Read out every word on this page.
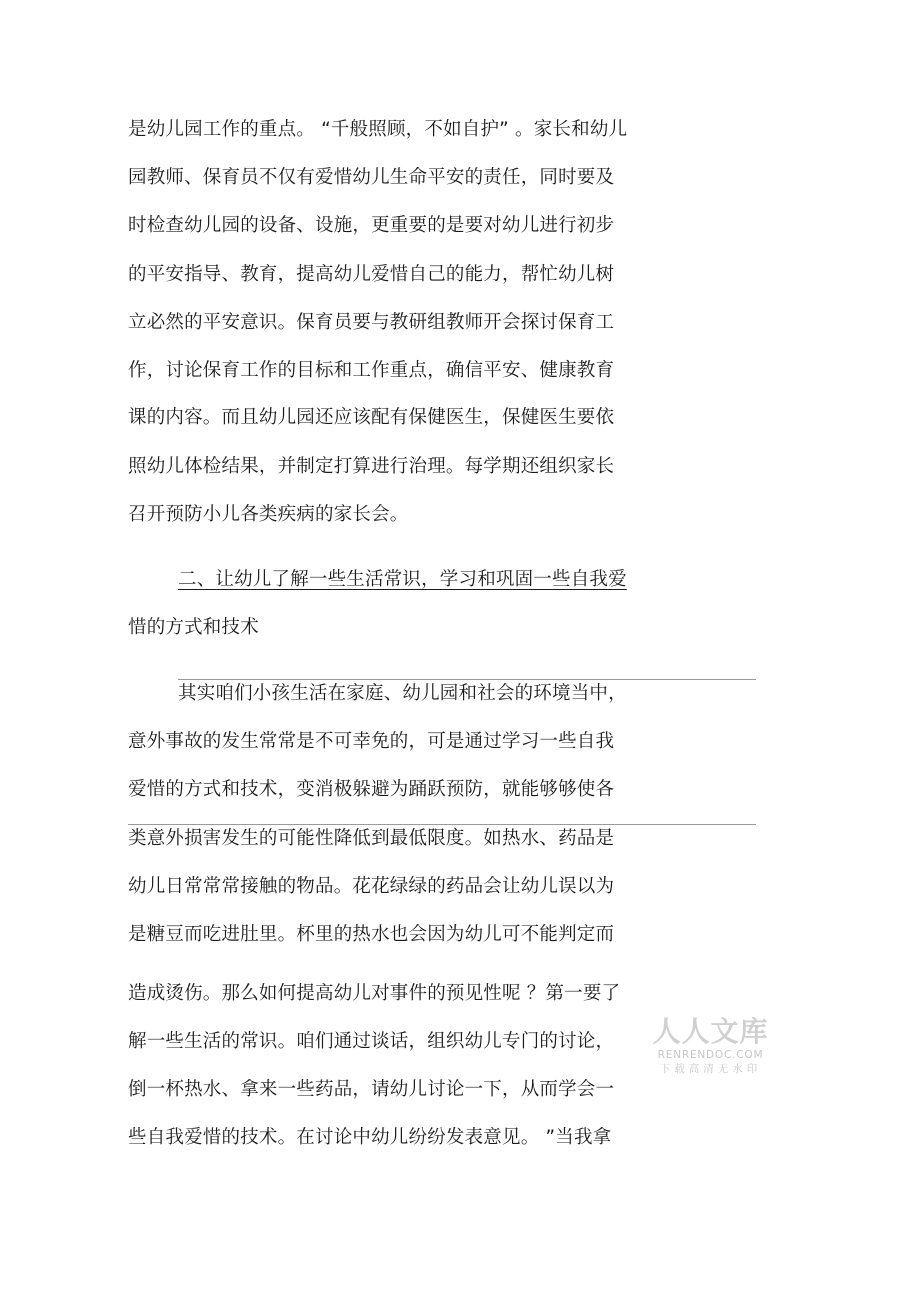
是幼儿园工作的重点。 “千般照顾，不如自护” 。家长和幼儿
园教师、保育员不仅有爱惜幼儿生命平安的责任，同时要及
时检查幼儿园的设备、设施，更重要的是要对幼儿进行初步
的平安指导、教育，提高幼儿爱惜自己的能力，帮忙幼儿树
立必然的平安意识。保育员要与教研组教师开会探讨保育工
作，讨论保育工作的目标和工作重点，确信平安、健康教育
课的内容。而且幼儿园还应该配有保健医生，保健医生要依
照幼儿体检结果，并制定打算进行治理。每学期还组织家长
召开预防小儿各类疾病的家长会。
二、让幼儿了解一些生活常识，学习和巩固一些自我爱
惜的方式和技术
其实咱们小孩生活在家庭、幼儿园和社会的环境当中，
意外事故的发生常常是不可幸免的，可是通过学习一些自我
爱惜的方式和技术，变消极躲避为踊跃预防，就能够够使各
类意外损害发生的可能性降低到最低限度。如热水、药品是
幼儿日常常常接触的物品。花花绿绿的药品会让幼儿误以为
是糖豆而吃进肚里。杯里的热水也会因为幼儿可不能判定而
造成烫伤。那么如何提高幼儿对事件的预见性呢 ？第一要了
解一些生活的常识。咱们通过谈话，组织幼儿专门的讨论，
倒一杯热水、拿来一些药品，请幼儿讨论一下，从而学会一
些自我爱惜的技术。在讨论中幼儿纷纷发表意见。 ”当我拿
人人文库
RENRENDOC.COM
下载高清无水印
